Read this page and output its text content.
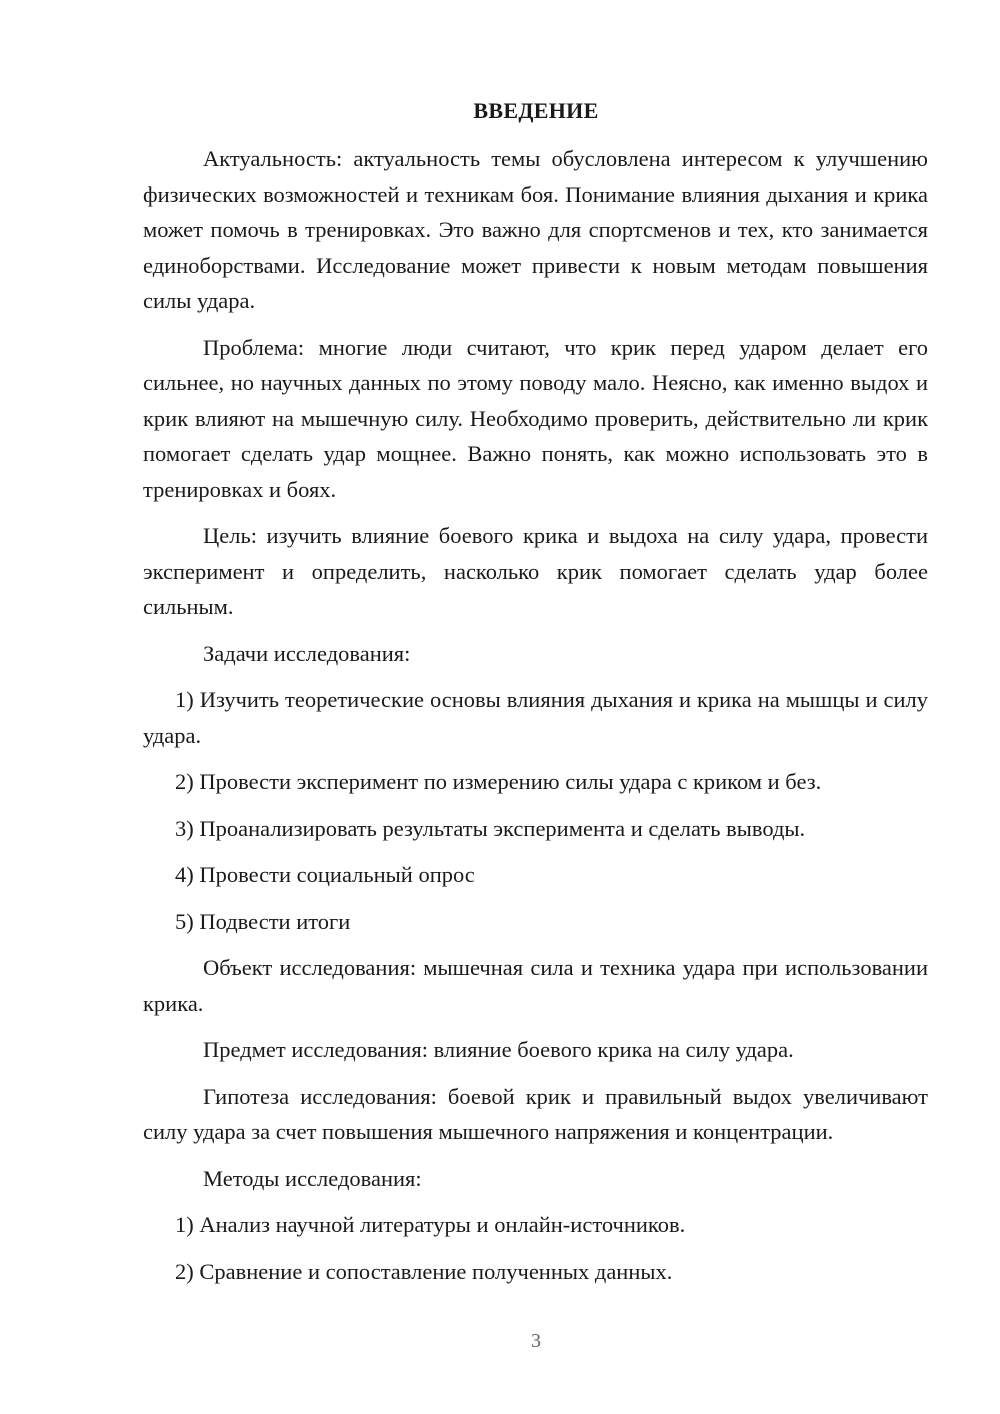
ВВЕДЕНИЕ

Актуальность: актуальность темы обусловлена интересом к улучшению физических возможностей и техникам боя. Понимание влияния дыхания и крика может помочь в тренировках. Это важно для спортсменов и тех, кто занимается единоборствами. Исследование может привести к новым методам повышения силы удара.

Проблема: многие люди считают, что крик перед ударом делает его сильнее, но научных данных по этому поводу мало. Неясно, как именно выдох и крик влияют на мышечную силу. Необходимо проверить, действительно ли крик помогает сделать удар мощнее. Важно понять, как можно использовать это в тренировках и боях.

Цель: изучить влияние боевого крика и выдоха на силу удара, провести эксперимент и определить, насколько крик помогает сделать удар более сильным.

Задачи исследования:

1) Изучить теоретические основы влияния дыхания и крика на мышцы и силу удара.

2) Провести эксперимент по измерению силы удара с криком и без.

3) Проанализировать результаты эксперимента и сделать выводы.

4) Провести социальный опрос

5) Подвести итоги

Объект исследования: мышечная сила и техника удара при использовании крика.

Предмет исследования: влияние боевого крика на силу удара.

Гипотеза исследования: боевой крик и правильный выдох увеличивают силу удара за счет повышения мышечного напряжения и концентрации.

Методы исследования:

1) Анализ научной литературы и онлайн-источников.

2) Сравнение и сопоставление полученных данных.

3
